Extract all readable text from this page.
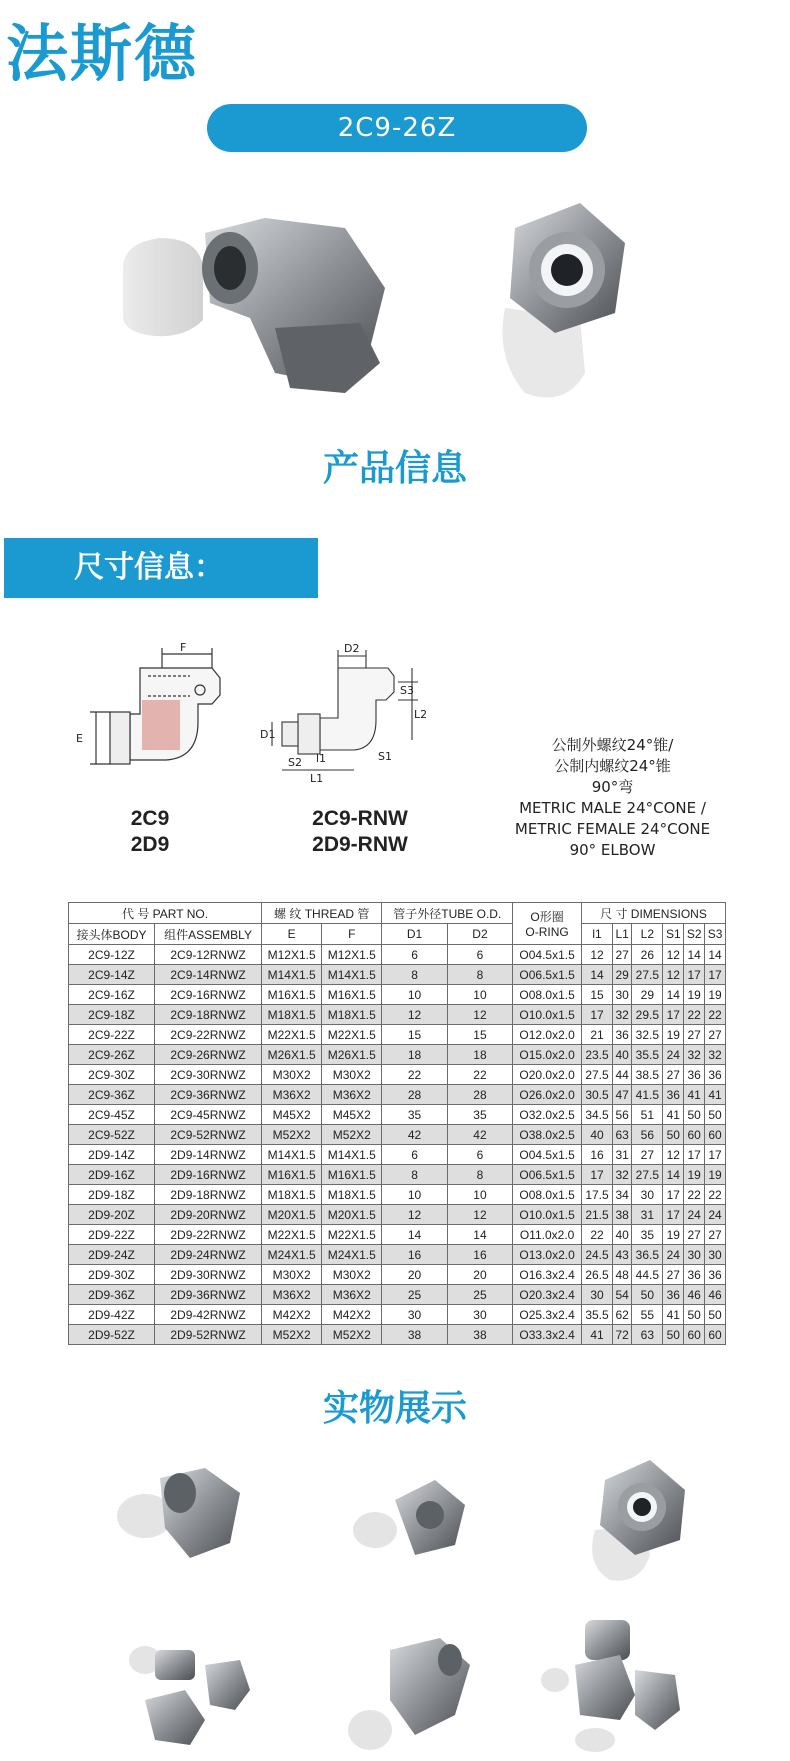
法斯德
2C9-26Z
产品信息
尺寸信息：
F
E
2C9
2D9
D2
S3
L2
D1
S2 l1	S1
L1
2C9-RNW
2D9-RNW
公制外螺纹24°锥/
公制内螺纹24°锥
90°弯
METRIC MALE 24°CONE /
METRIC FEMALE 24°CONE
90° ELBOW
代 号 PART NO.		螺 纹 THREAD 管		管子外径TUBE O.D.		O形圈
O-RING	尺 寸 DIMENSIONS					
接头体BODY	组件ASSEMBLY	E	F	D1	D2		l1	L1	L2	S1	S2	S3
2C9-12Z	2C9-12RNWZ	M12X1.5	M12X1.5	6	6	O04.5x1.5	12	27	26	12	14	14
2C9-14Z	2C9-14RNWZ	M14X1.5	M14X1.5	8	8	O06.5x1.5	14	29	27.5	12	17	17
2C9-16Z	2C9-16RNWZ	M16X1.5	M16X1.5	10	10	O08.0x1.5	15	30	29	14	19	19
2C9-18Z	2C9-18RNWZ	M18X1.5	M18X1.5	12	12	O10.0x1.5	17	32	29.5	17	22	22
2C9-22Z	2C9-22RNWZ	M22X1.5	M22X1.5	15	15	O12.0x2.0	21	36	32.5	19	27	27
2C9-26Z	2C9-26RNWZ	M26X1.5	M26X1.5	18	18	O15.0x2.0	23.5	40	35.5	24	32	32
2C9-30Z	2C9-30RNWZ	M30X2	M30X2	22	22	O20.0x2.0	27.5	44	38.5	27	36	36
2C9-36Z	2C9-36RNWZ	M36X2	M36X2	28	28	O26.0x2.0	30.5	47	41.5	36	41	41
2C9-45Z	2C9-45RNWZ	M45X2	M45X2	35	35	O32.0x2.5	34.5	56	51	41	50	50
2C9-52Z	2C9-52RNWZ	M52X2	M52X2	42	42	O38.0x2.5	40	63	56	50	60	60
2D9-14Z	2D9-14RNWZ	M14X1.5	M14X1.5	6	6	O04.5x1.5	16	31	27	12	17	17
2D9-16Z	2D9-16RNWZ	M16X1.5	M16X1.5	8	8	O06.5x1.5	17	32	27.5	14	19	19
2D9-18Z	2D9-18RNWZ	M18X1.5	M18X1.5	10	10	O08.0x1.5	17.5	34	30	17	22	22
2D9-20Z	2D9-20RNWZ	M20X1.5	M20X1.5	12	12	O10.0x1.5	21.5	38	31	17	24	24
2D9-22Z	2D9-22RNWZ	M22X1.5	M22X1.5	14	14	O11.0x2.0	22	40	35	19	27	27
2D9-24Z	2D9-24RNWZ	M24X1.5	M24X1.5	16	16	O13.0x2.0	24.5	43	36.5	24	30	30
2D9-30Z	2D9-30RNWZ	M30X2	M30X2	20	20	O16.3x2.4	26.5	48	44.5	27	36	36
2D9-36Z	2D9-36RNWZ	M36X2	M36X2	25	25	O20.3x2.4	30	54	50	36	46	46
2D9-42Z	2D9-42RNWZ	M42X2	M42X2	30	30	O25.3x2.4	35.5	62	55	41	50	50
2D9-52Z	2D9-52RNWZ	M52X2	M52X2	38	38	O33.3x2.4	41	72	63	50	60	60
实物展示
